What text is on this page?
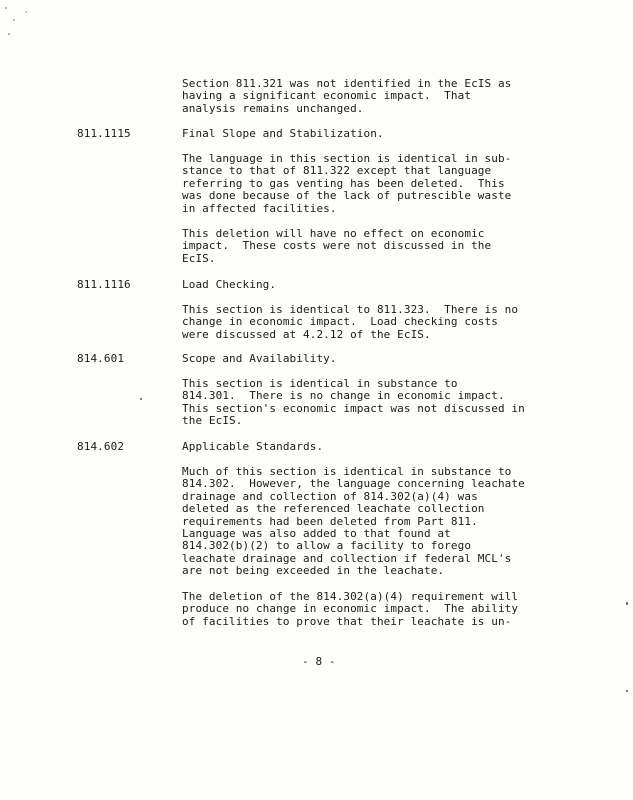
Section 811.321 was not identified in the EcIS as
having a significant economic impact.  That
analysis remains unchanged.
811.1115	Final Slope and Stabilization.
The language in this section is identical in sub-
stance to that of 811.322 except that language
referring to gas venting has been deleted.  This
was done because of the lack of putrescible waste
in affected facilities.
This deletion will have no effect on economic
impact.  These costs were not discussed in the
EcIS.
811.1116	Load Checking.
This section is identical to 811.323.  There is no
change in economic impact.  Load checking costs
were discussed at 4.2.12 of the EcIS.
814.601	Scope and Availability.
This section is identical in substance to
814.301.  There is no change in economic impact.
This section's economic impact was not discussed in
the EcIS.
814.602	Applicable Standards.
Much of this section is identical in substance to
814.302.  However, the language concerning leachate
drainage and collection of 814.302(a)(4) was
deleted as the referenced leachate collection
requirements had been deleted from Part 811.
Language was also added to that found at
814.302(b)(2) to allow a facility to forego
leachate drainage and collection if federal MCL's
are not being exceeded in the leachate.
The deletion of the 814.302(a)(4) requirement will
produce no change in economic impact.  The ability
of facilities to prove that their leachate is un-
- 8 -
